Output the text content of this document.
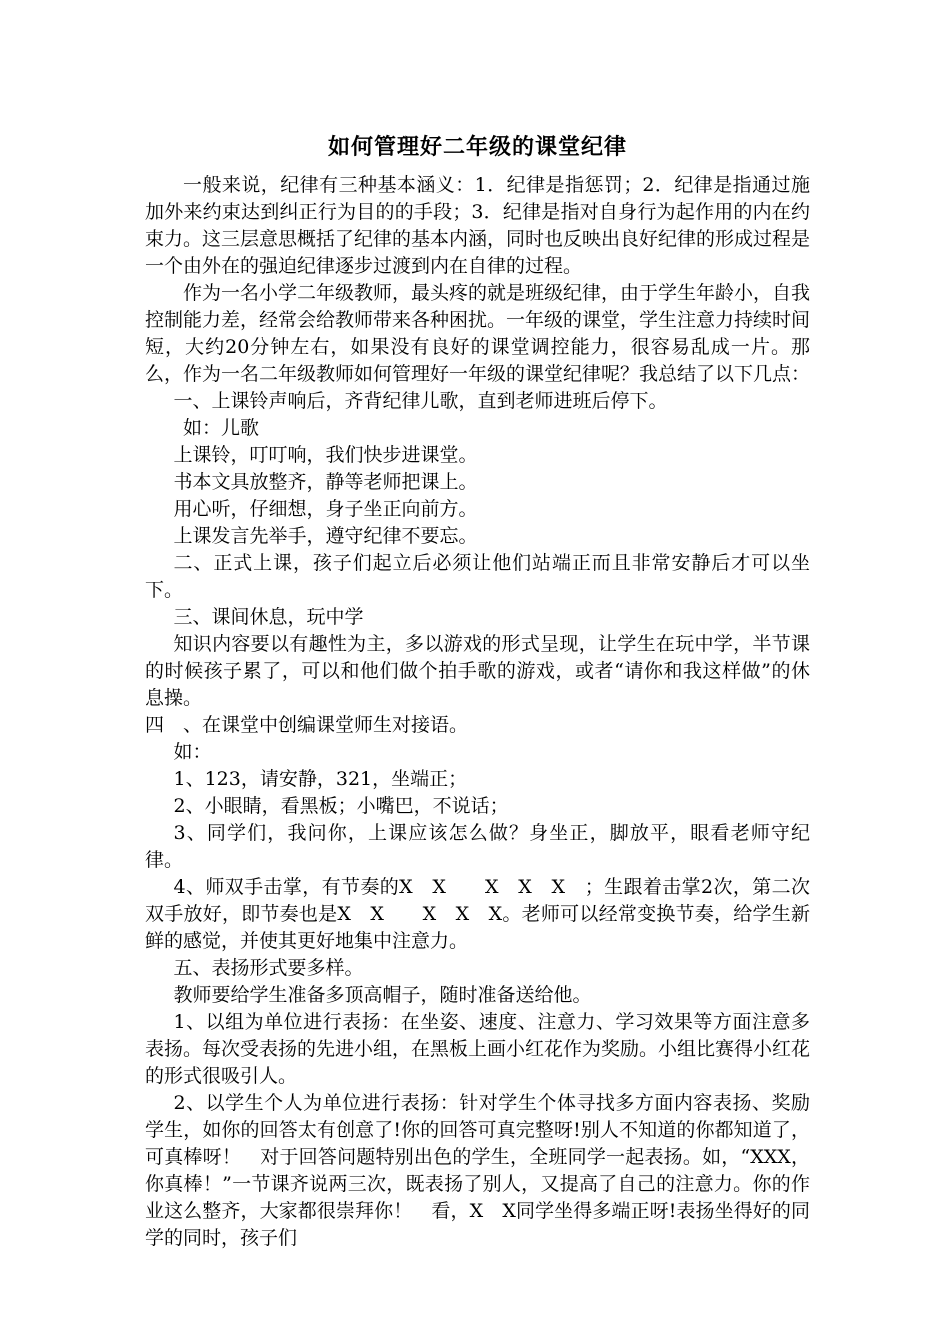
如何管理好二年级的课堂纪律

一般来说，纪律有三种基本涵义：1．纪律是指惩罚；2．纪律是指通过施加外来约束达到纠正行为目的的手段；3．纪律是指对自身行为起作用的内在约束力。这三层意思概括了纪律的基本内涵，同时也反映出良好纪律的形成过程是一个由外在的强迫纪律逐步过渡到内在自律的过程。

作为一名小学二年级教师，最头疼的就是班级纪律，由于学生年龄小，自我控制能力差，经常会给教师带来各种困扰。一年级的课堂，学生注意力持续时间短，大约20分钟左右，如果没有良好的课堂调控能力，很容易乱成一片。那么，作为一名二年级教师如何管理好一年级的课堂纪律呢？我总结了以下几点：

一、上课铃声响后，齐背纪律儿歌，直到老师进班后停下。

如：儿歌

上课铃，叮叮响，我们快步进课堂。

书本文具放整齐，静等老师把课上。

用心听，仔细想，身子坐正向前方。

上课发言先举手，遵守纪律不要忘。

二、正式上课，孩子们起立后必须让他们站端正而且非常安静后才可以坐下。

三、课间休息，玩中学

知识内容要以有趣性为主，多以游戏的形式呈现，让学生在玩中学，半节课的时候孩子累了，可以和他们做个拍手歌的游戏，或者“请你和我这样做”的休息操。

四　、在课堂中创编课堂师生对接语。

如：

1、123，请安静，321，坐端正；

2、小眼睛，看黑板；小嘴巴，不说话；

3、同学们，我问你，上课应该怎么做？身坐正，脚放平，眼看老师守纪律。

4、师双手击掌，有节奏的X　X　　X　X　X　；生跟着击掌2次，第二次双手放好，即节奏也是X　X　　X　X　X。老师可以经常变换节奏，给学生新鲜的感觉，并使其更好地集中注意力。

五、表扬形式要多样。

教师要给学生准备多顶高帽子，随时准备送给他。

1、以组为单位进行表扬：在坐姿、速度、注意力、学习效果等方面注意多表扬。每次受表扬的先进小组，在黑板上画小红花作为奖励。小组比赛得小红花的形式很吸引人。

2、以学生个人为单位进行表扬：针对学生个体寻找多方面内容表扬、奖励学生，如你的回答太有创意了!你的回答可真完整呀!别人不知道的你都知道了，可真棒呀！　对于回答问题特别出色的学生，全班同学一起表扬。如，“XXX，你真棒！”一节课齐说两三次，既表扬了别人，又提高了自己的注意力。你的作业这么整齐，大家都很崇拜你！　看，X　X同学坐得多端正呀!表扬坐得好的同学的同时，孩子们
